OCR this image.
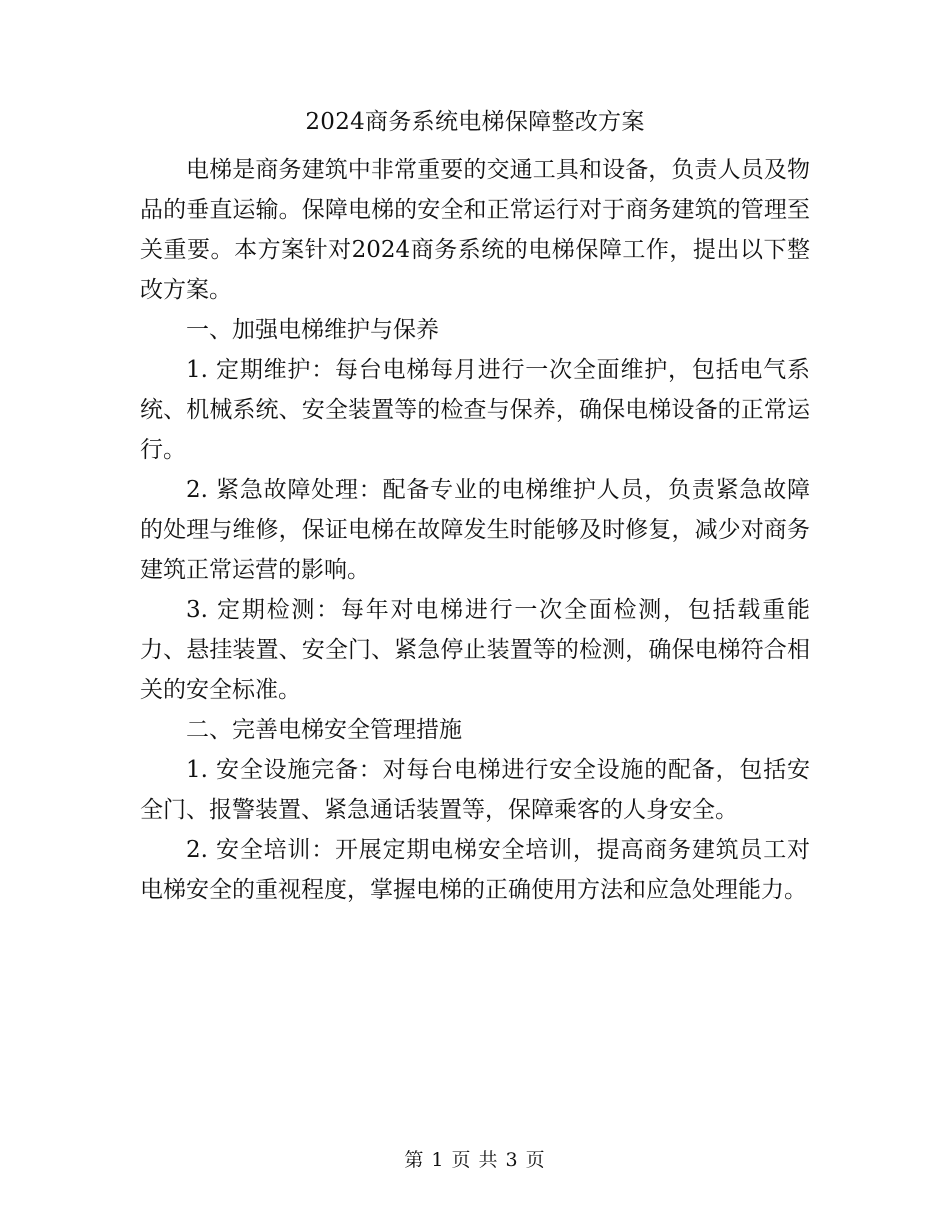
2024商务系统电梯保障整改方案

电梯是商务建筑中非常重要的交通工具和设备，负责人员及物品的垂直运输。保障电梯的安全和正常运行对于商务建筑的管理至关重要。本方案针对2024商务系统的电梯保障工作，提出以下整改方案。

一、加强电梯维护与保养

1. 定期维护：每台电梯每月进行一次全面维护，包括电气系统、机械系统、安全装置等的检查与保养，确保电梯设备的正常运行。

2. 紧急故障处理：配备专业的电梯维护人员，负责紧急故障的处理与维修，保证电梯在故障发生时能够及时修复，减少对商务建筑正常运营的影响。

3. 定期检测：每年对电梯进行一次全面检测，包括载重能力、悬挂装置、安全门、紧急停止装置等的检测，确保电梯符合相关的安全标准。

二、完善电梯安全管理措施

1. 安全设施完备：对每台电梯进行安全设施的配备，包括安全门、报警装置、紧急通话装置等，保障乘客的人身安全。

2. 安全培训：开展定期电梯安全培训，提高商务建筑员工对电梯安全的重视程度，掌握电梯的正确使用方法和应急处理能力。

第 1 页 共 3 页
